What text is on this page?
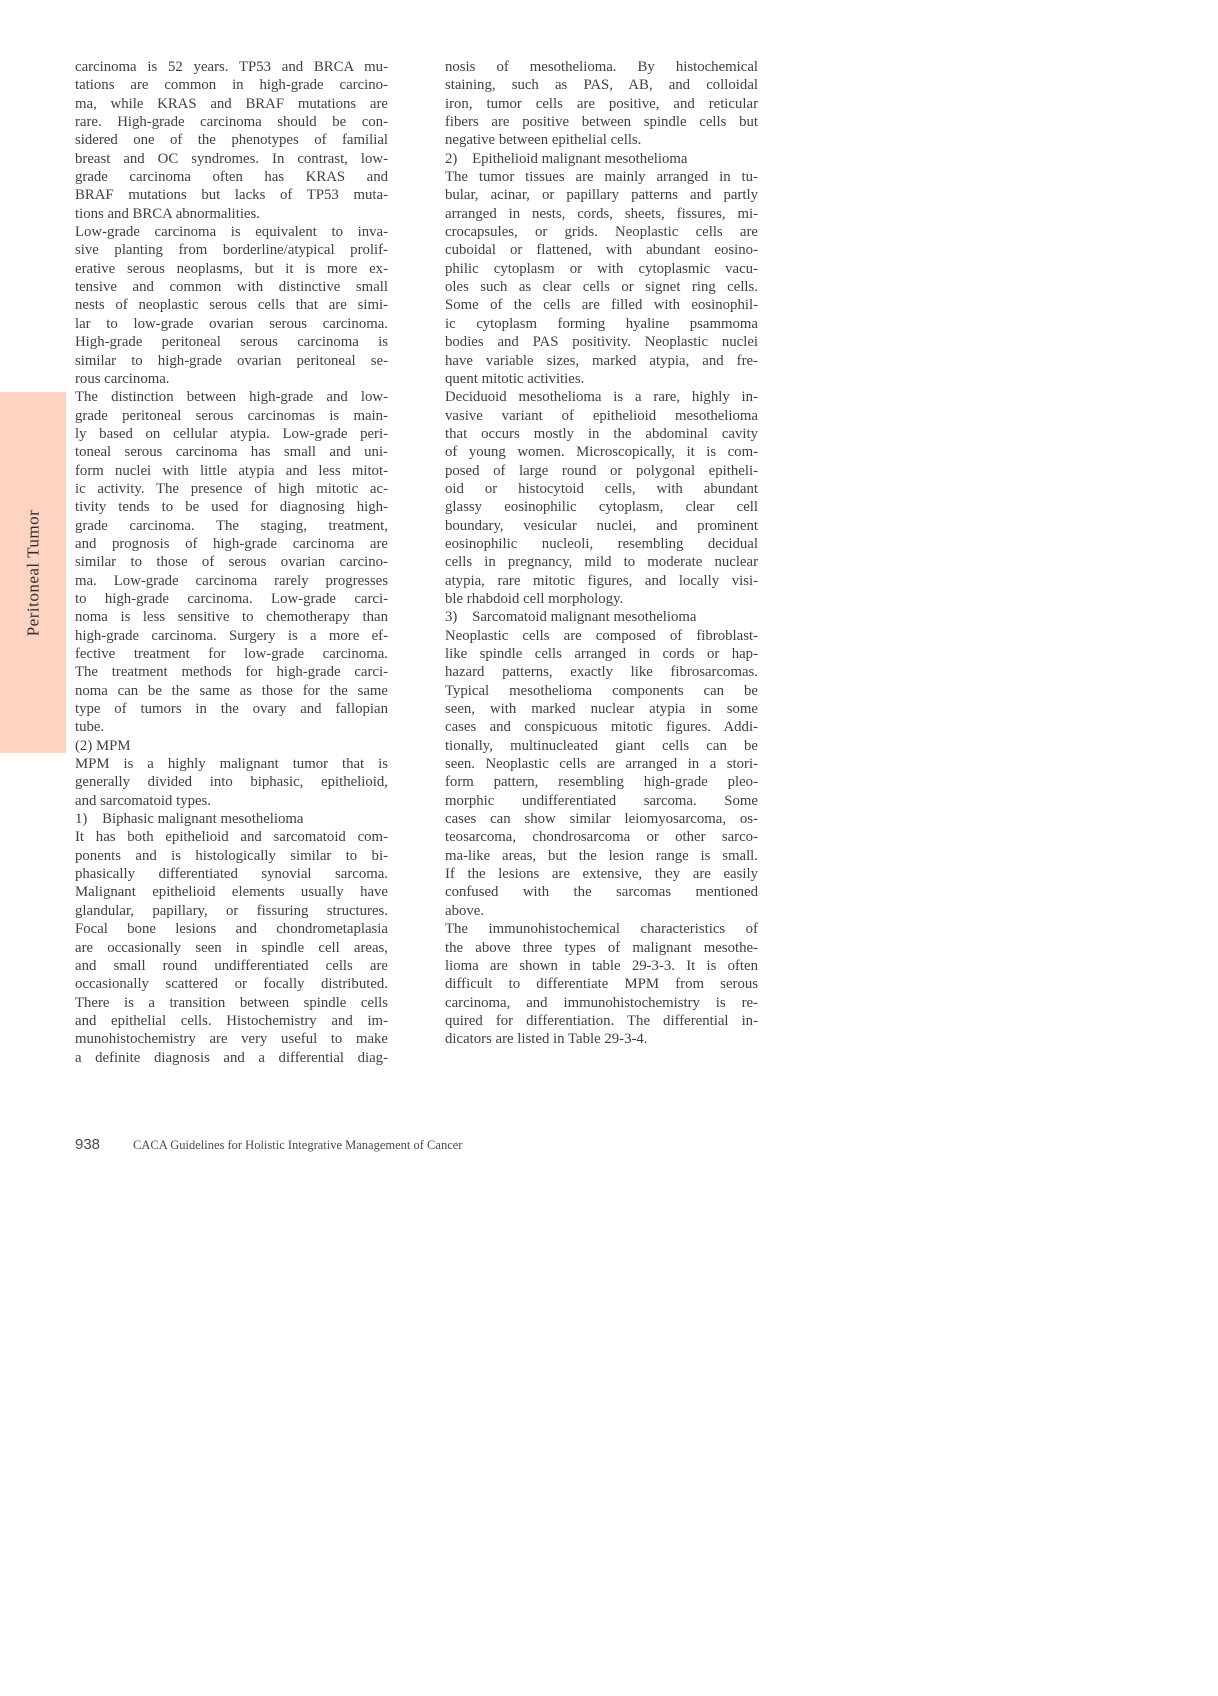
Peritoneal Tumor
carcinoma is 52 years. TP53 and BRCA mu-
tations are common in high-grade carcino-
ma, while KRAS and BRAF mutations are
rare. High-grade carcinoma should be con-
sidered one of the phenotypes of familial
breast and OC syndromes. In contrast, low-
grade carcinoma often has KRAS and
BRAF mutations but lacks of TP53 muta-
tions and BRCA abnormalities.
Low-grade carcinoma is equivalent to inva-
sive planting from borderline/atypical prolif-
erative serous neoplasms, but it is more ex-
tensive and common with distinctive small
nests of neoplastic serous cells that are simi-
lar to low-grade ovarian serous carcinoma.
High-grade peritoneal serous carcinoma is
similar to high-grade ovarian peritoneal se-
rous carcinoma.
The distinction between high-grade and low-
grade peritoneal serous carcinomas is main-
ly based on cellular atypia. Low-grade peri-
toneal serous carcinoma has small and uni-
form nuclei with little atypia and less mitot-
ic activity. The presence of high mitotic ac-
tivity tends to be used for diagnosing high-
grade carcinoma. The staging, treatment,
and prognosis of high-grade carcinoma are
similar to those of serous ovarian carcino-
ma. Low-grade carcinoma rarely progresses
to high-grade carcinoma. Low-grade carci-
noma is less sensitive to chemotherapy than
high-grade carcinoma. Surgery is a more ef-
fective treatment for low-grade carcinoma.
The treatment methods for high-grade carci-
noma can be the same as those for the same
type of tumors in the ovary and fallopian
tube.
(2) MPM
MPM is a highly malignant tumor that is
generally divided into biphasic, epithelioid,
and sarcomatoid types.
1)    Biphasic malignant mesothelioma
It has both epithelioid and sarcomatoid com-
ponents and is histologically similar to bi-
phasically differentiated synovial sarcoma.
Malignant epithelioid elements usually have
glandular, papillary, or fissuring structures.
Focal bone lesions and chondrometaplasia
are occasionally seen in spindle cell areas,
and small round undifferentiated cells are
occasionally scattered or focally distributed.
There is a transition between spindle cells
and epithelial cells. Histochemistry and im-
munohistochemistry are very useful to make
a definite diagnosis and a differential diag-
nosis of mesothelioma. By histochemical
staining, such as PAS, AB, and colloidal
iron, tumor cells are positive, and reticular
fibers are positive between spindle cells but
negative between epithelial cells.
2)    Epithelioid malignant mesothelioma
The tumor tissues are mainly arranged in tu-
bular, acinar, or papillary patterns and partly
arranged in nests, cords, sheets, fissures, mi-
crocapsules, or grids. Neoplastic cells are
cuboidal or flattened, with abundant eosino-
philic cytoplasm or with cytoplasmic vacu-
oles such as clear cells or signet ring cells.
Some of the cells are filled with eosinophil-
ic cytoplasm forming hyaline psammoma
bodies and PAS positivity. Neoplastic nuclei
have variable sizes, marked atypia, and fre-
quent mitotic activities.
Deciduoid mesothelioma is a rare, highly in-
vasive variant of epithelioid mesothelioma
that occurs mostly in the abdominal cavity
of young women. Microscopically, it is com-
posed of large round or polygonal epitheli-
oid or histocytoid cells, with abundant
glassy eosinophilic cytoplasm, clear cell
boundary, vesicular nuclei, and prominent
eosinophilic nucleoli, resembling decidual
cells in pregnancy, mild to moderate nuclear
atypia, rare mitotic figures, and locally visi-
ble rhabdoid cell morphology.
3)    Sarcomatoid malignant mesothelioma
Neoplastic cells are composed of fibroblast-
like spindle cells arranged in cords or hap-
hazard patterns, exactly like fibrosarcomas.
Typical mesothelioma components can be
seen, with marked nuclear atypia in some
cases and conspicuous mitotic figures. Addi-
tionally, multinucleated giant cells can be
seen. Neoplastic cells are arranged in a stori-
form pattern, resembling high-grade pleo-
morphic undifferentiated sarcoma. Some
cases can show similar leiomyosarcoma, os-
teosarcoma, chondrosarcoma or other sarco-
ma-like areas, but the lesion range is small.
If the lesions are extensive, they are easily
confused with the sarcomas mentioned
above.
The immunohistochemical characteristics of
the above three types of malignant mesothe-
lioma are shown in table 29-3-3. It is often
difficult to differentiate MPM from serous
carcinoma, and immunohistochemistry is re-
quired for differentiation. The differential in-
dicators are listed in Table 29-3-4.
938	CACA Guidelines for Holistic Integrative Management of Cancer
